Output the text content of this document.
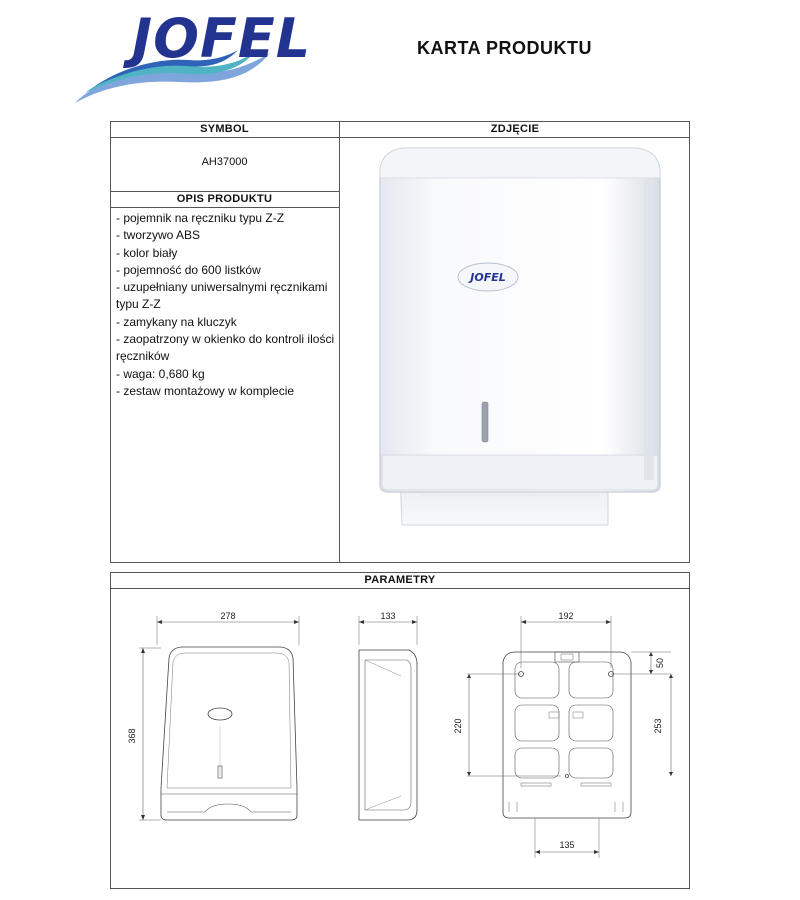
JOFEL	KARTA PRODUKTU
SYMBOL	ZDJĘCIE
AH37000
OPIS PRODUKTU
- pojemnik na ręczniku typu Z-Z
- tworzywo ABS
- kolor biały
- pojemność do 600 listków
- uzupełniany uniwersalnymi ręcznikami typu Z-Z
- zamykany na kluczyk
- zaopatrzony w okienko do kontroli ilości ręczników
- waga: 0,680 kg
- zestaw montażowy w komplecie
JOFEL
PARAMETRY
278
368
133	192
50
253
220
135
